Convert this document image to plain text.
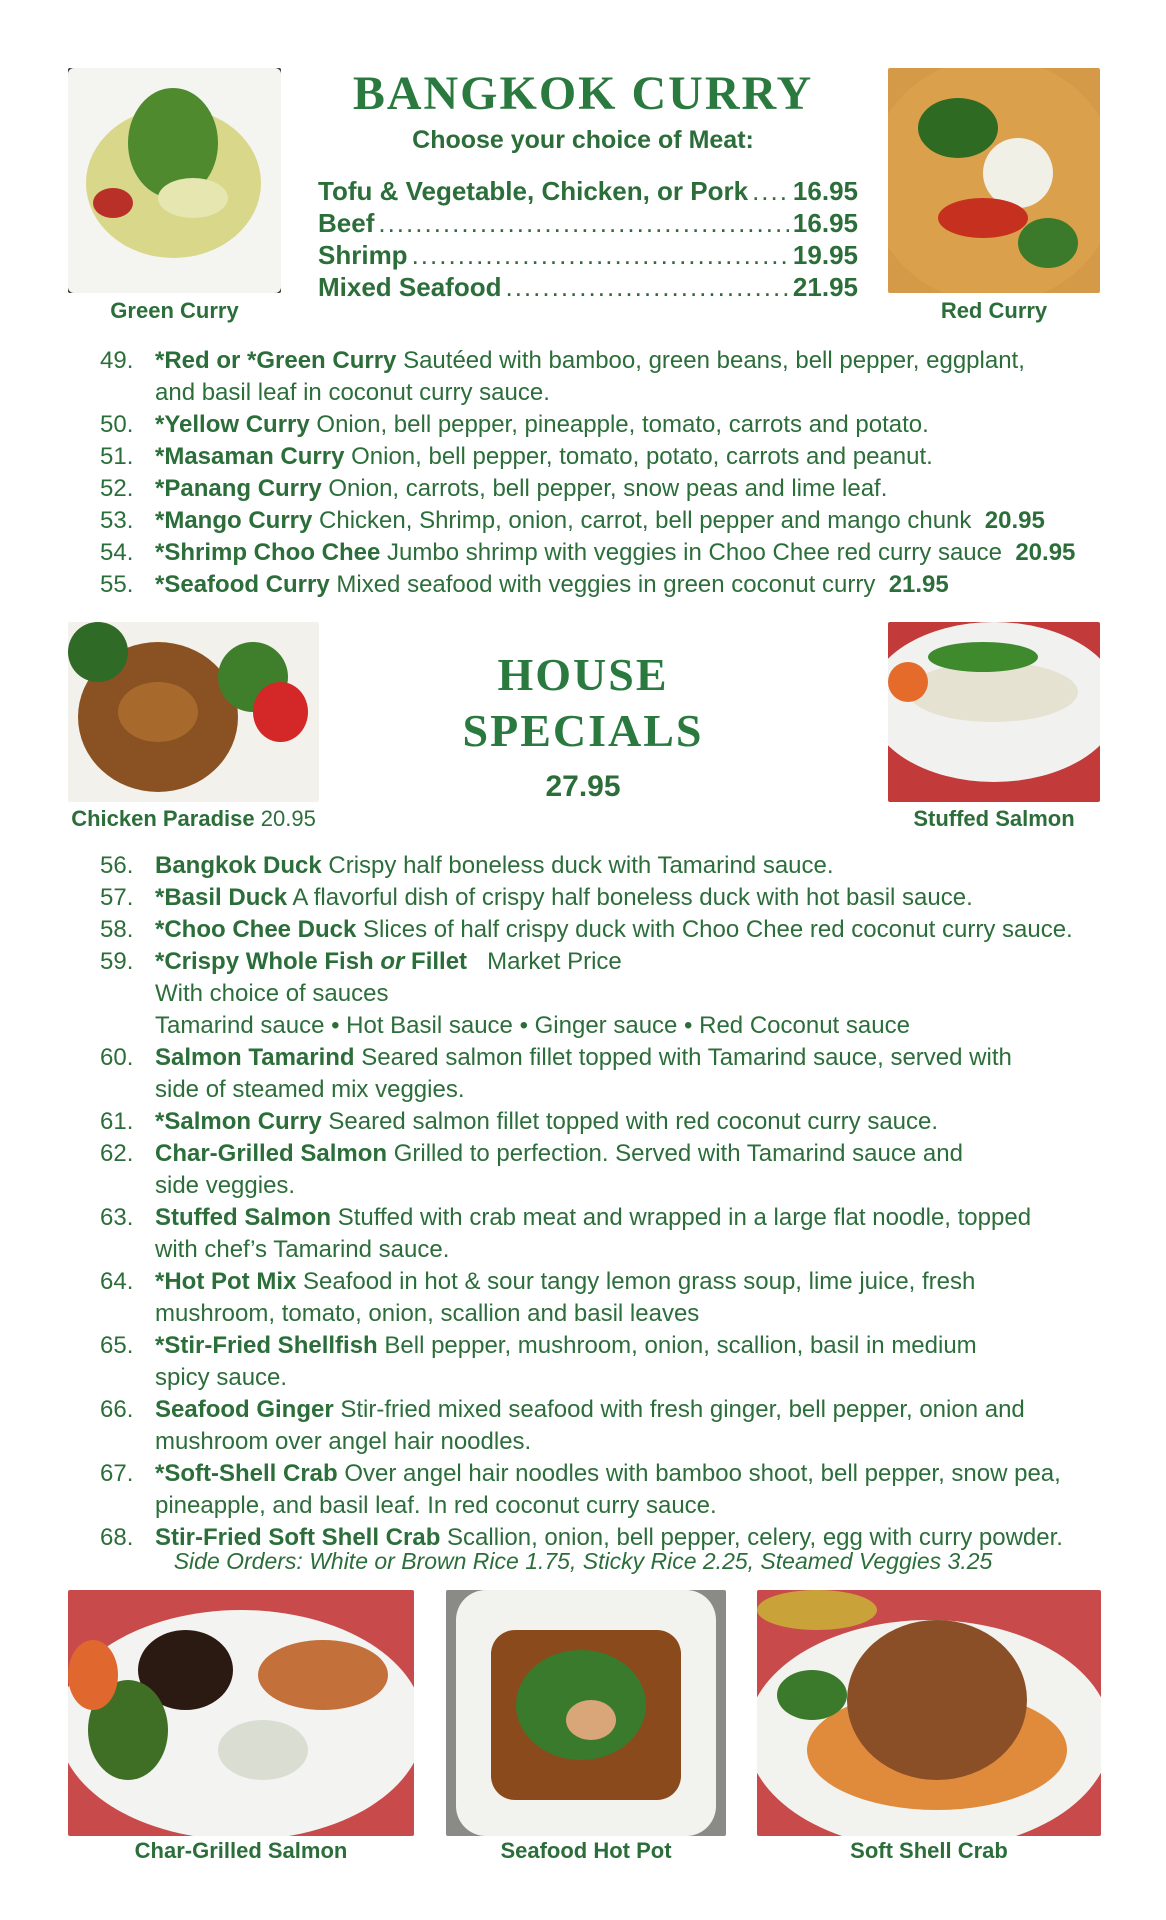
Green Curry	Red Curry
BANGKOK CURRY
Choose your choice of Meat:
Tofu & Vegetable, Chicken, or Pork ..... 16.95
Beef .....	16.95
Shrimp .....	19.95
Mixed Seafood .....	21.95
49. *Red or *Green Curry Sautéed with bamboo, green beans, bell pepper, eggplant,
and basil leaf in coconut curry sauce.
50. *Yellow Curry Onion, bell pepper, pineapple, tomato, carrots and potato.
51. *Masaman Curry Onion, bell pepper, tomato, potato, carrots and peanut.
52. *Panang Curry Onion, carrots, bell pepper, snow peas and lime leaf.
53. *Mango Curry Chicken, Shrimp, onion, carrot, bell pepper and mango chunk 20.95
54. *Shrimp Choo Chee Jumbo shrimp with veggies in Choo Chee red curry sauce 20.95
55. *Seafood Curry Mixed seafood with veggies in green coconut curry 21.95
Chicken Paradise 20.95	Stuffed Salmon
HOUSE
SPECIALS
27.95
56. Bangkok Duck Crispy half boneless duck with Tamarind sauce.
57. *Basil Duck A flavorful dish of crispy half boneless duck with hot basil sauce.
58. *Choo Chee Duck Slices of half crispy duck with Choo Chee red coconut curry sauce.
59. *Crispy Whole Fish or Fillet Market Price
With choice of sauces
Tamarind sauce • Hot Basil sauce • Ginger sauce • Red Coconut sauce
60. Salmon Tamarind Seared salmon fillet topped with Tamarind sauce, served with
side of steamed mix veggies.
61. *Salmon Curry Seared salmon fillet topped with red coconut curry sauce.
62. Char-Grilled Salmon Grilled to perfection. Served with Tamarind sauce and
side veggies.
63. Stuffed Salmon Stuffed with crab meat and wrapped in a large flat noodle, topped
with chef’s Tamarind sauce.
64. *Hot Pot Mix Seafood in hot & sour tangy lemon grass soup, lime juice, fresh
mushroom, tomato, onion, scallion and basil leaves
65. *Stir-Fried Shellfish Bell pepper, mushroom, onion, scallion, basil in medium
spicy sauce.
66. Seafood Ginger Stir-fried mixed seafood with fresh ginger, bell pepper, onion and
mushroom over angel hair noodles.
67. *Soft-Shell Crab Over angel hair noodles with bamboo shoot, bell pepper, snow pea,
pineapple, and basil leaf. In red coconut curry sauce.
68. Stir-Fried Soft Shell Crab Scallion, onion, bell pepper, celery, egg with curry powder.
Side Orders: White or Brown Rice 1.75, Sticky Rice 2.25, Steamed Veggies 3.25
Char-Grilled Salmon	Seafood Hot Pot	Soft Shell Crab
